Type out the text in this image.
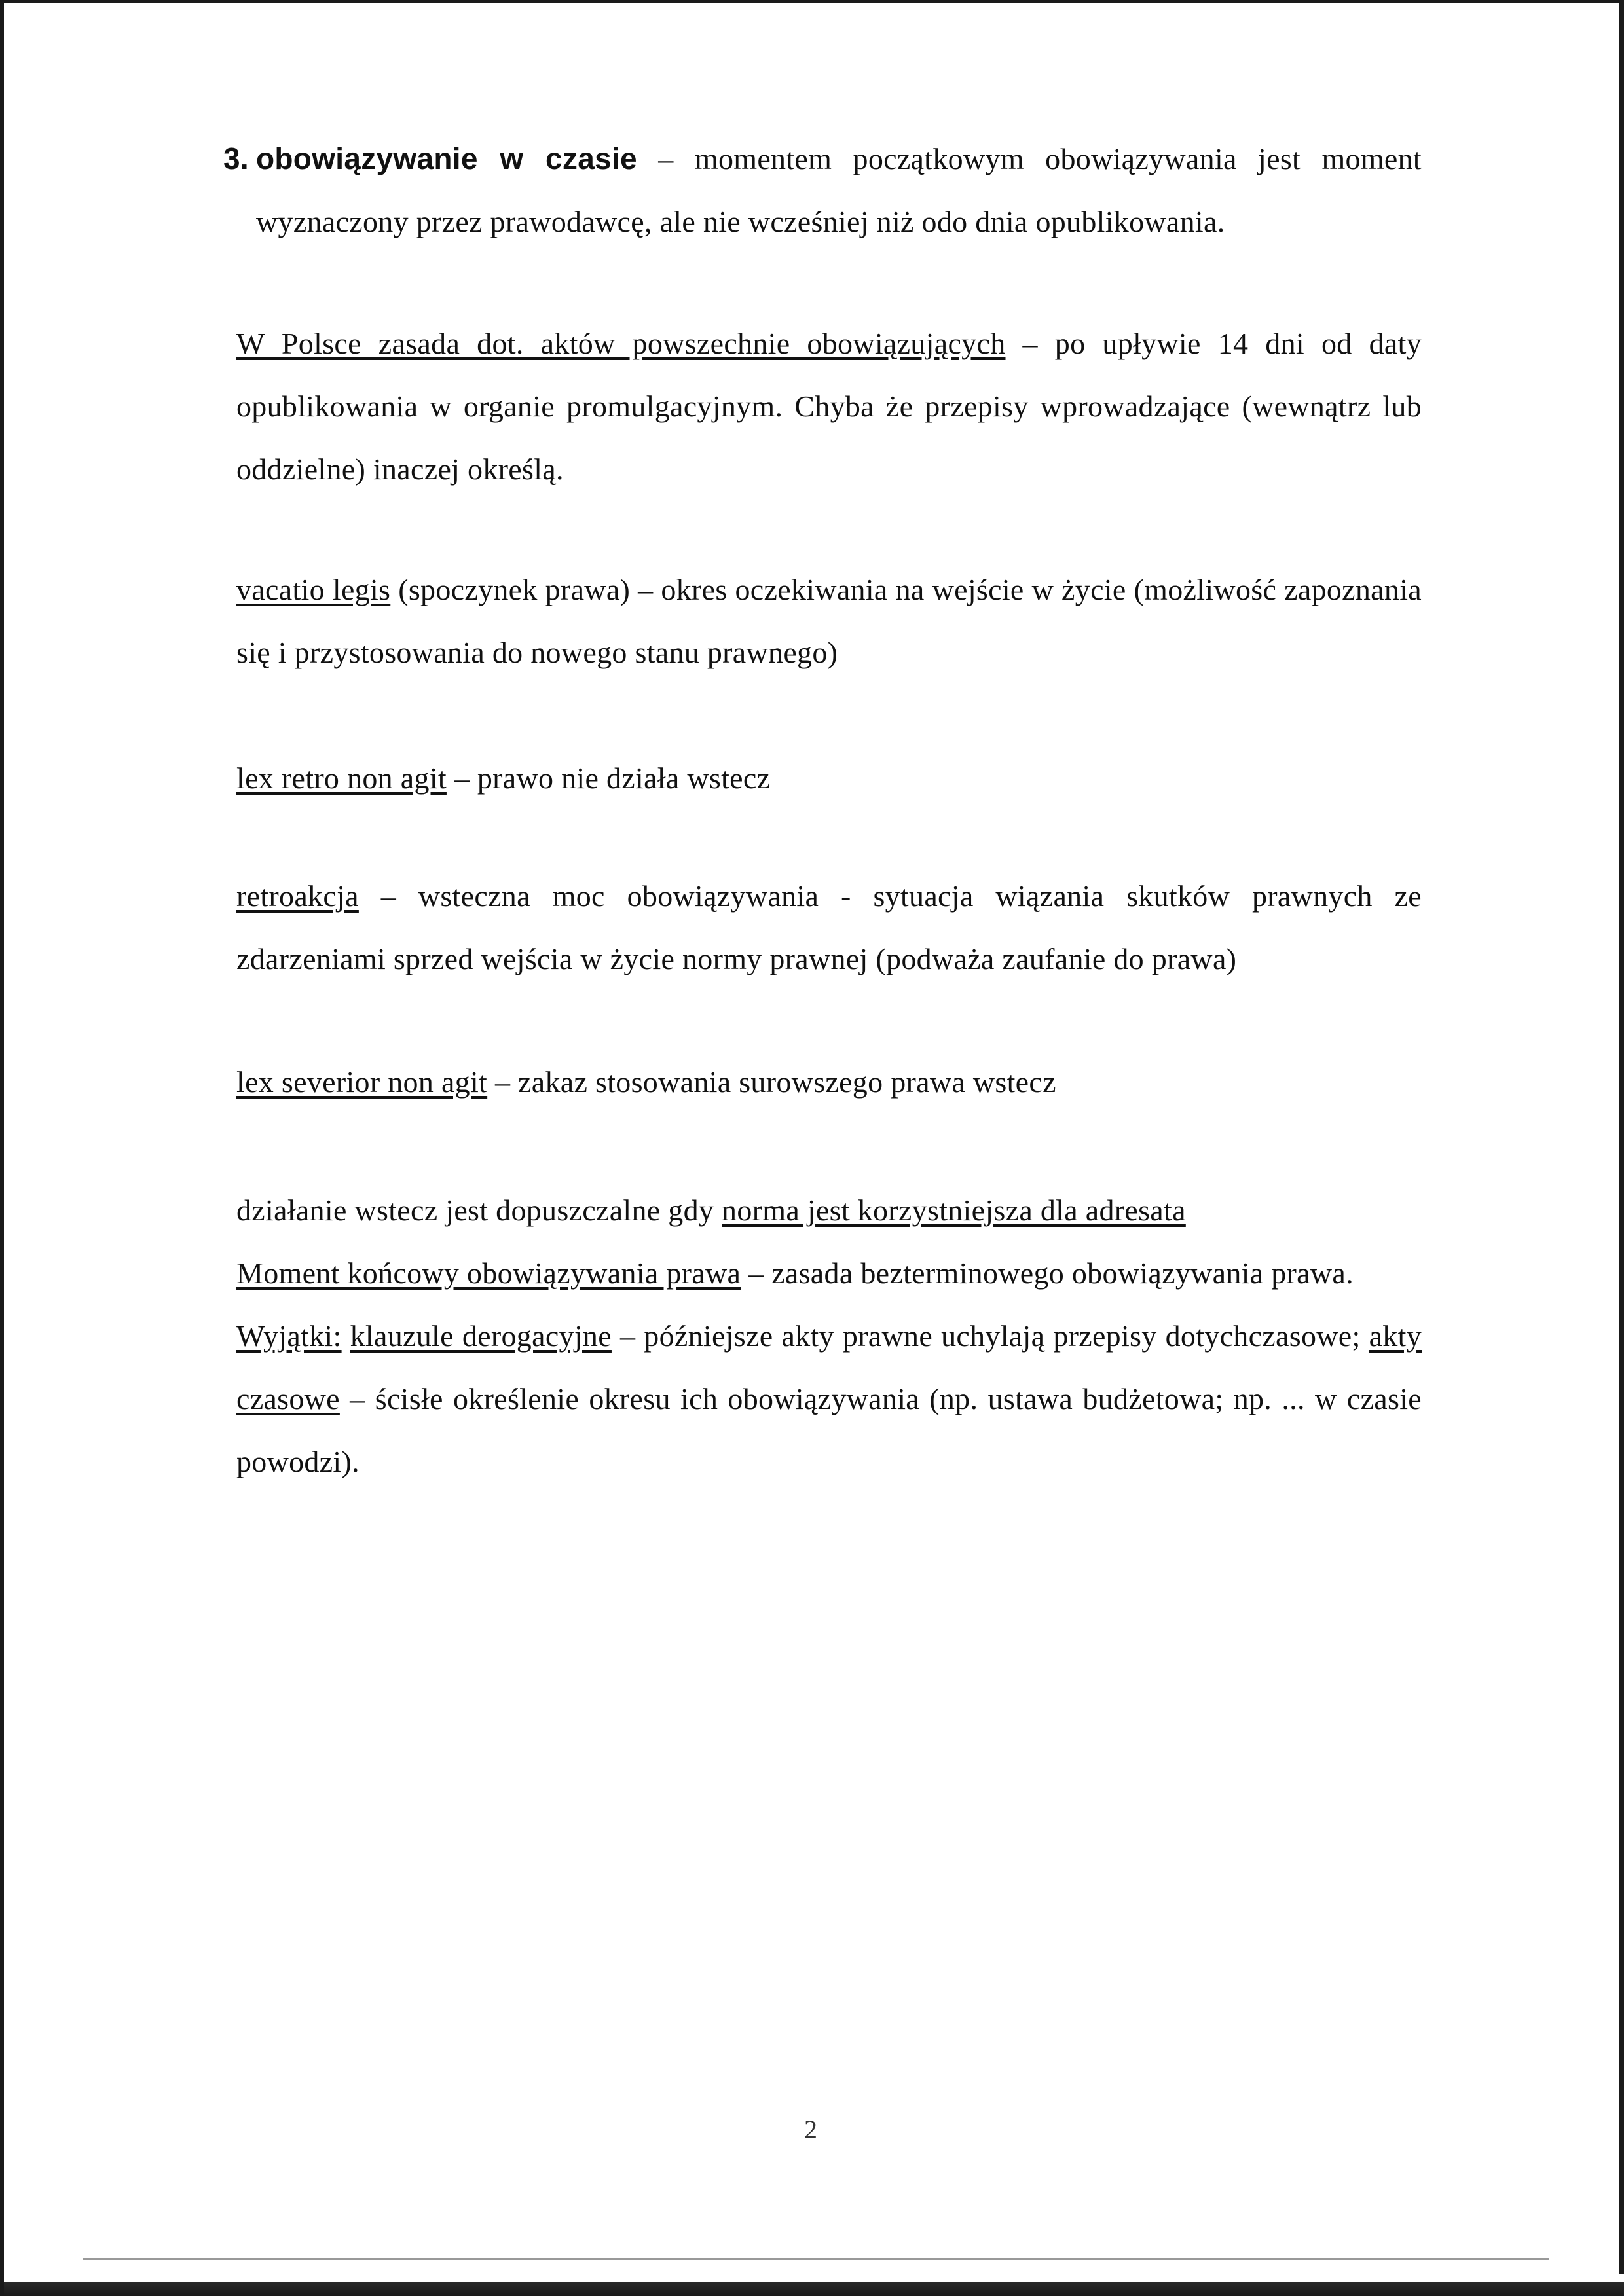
3. obowiązywanie w czasie – momentem początkowym obowiązywania jest moment wyznaczony przez prawodawcę, ale nie wcześniej niż odo dnia opublikowania.

W Polsce zasada dot. aktów powszechnie obowiązujących – po upływie 14 dni od daty opublikowania w organie promulgacyjnym. Chyba że przepisy wprowadzające (wewnątrz lub oddzielne) inaczej określą.

vacatio legis (spoczynek prawa) – okres oczekiwania na wejście w życie (możliwość zapoznania się i przystosowania do nowego stanu prawnego)

lex retro non agit – prawo nie działa wstecz

retroakcja – wsteczna moc obowiązywania - sytuacja wiązania skutków prawnych ze zdarzeniami sprzed wejścia w życie normy prawnej (podważa zaufanie do prawa)

lex severior non agit – zakaz stosowania surowszego prawa wstecz

działanie wstecz jest dopuszczalne gdy norma jest korzystniejsza dla adresata

Moment końcowy obowiązywania prawa – zasada bezterminowego obowiązywania prawa.

Wyjątki: klauzule derogacyjne – późniejsze akty prawne uchylają przepisy dotychczasowe; akty czasowe – ścisłe określenie okresu ich obowiązywania (np. ustawa budżetowa; np. ... w czasie powodzi).

2
